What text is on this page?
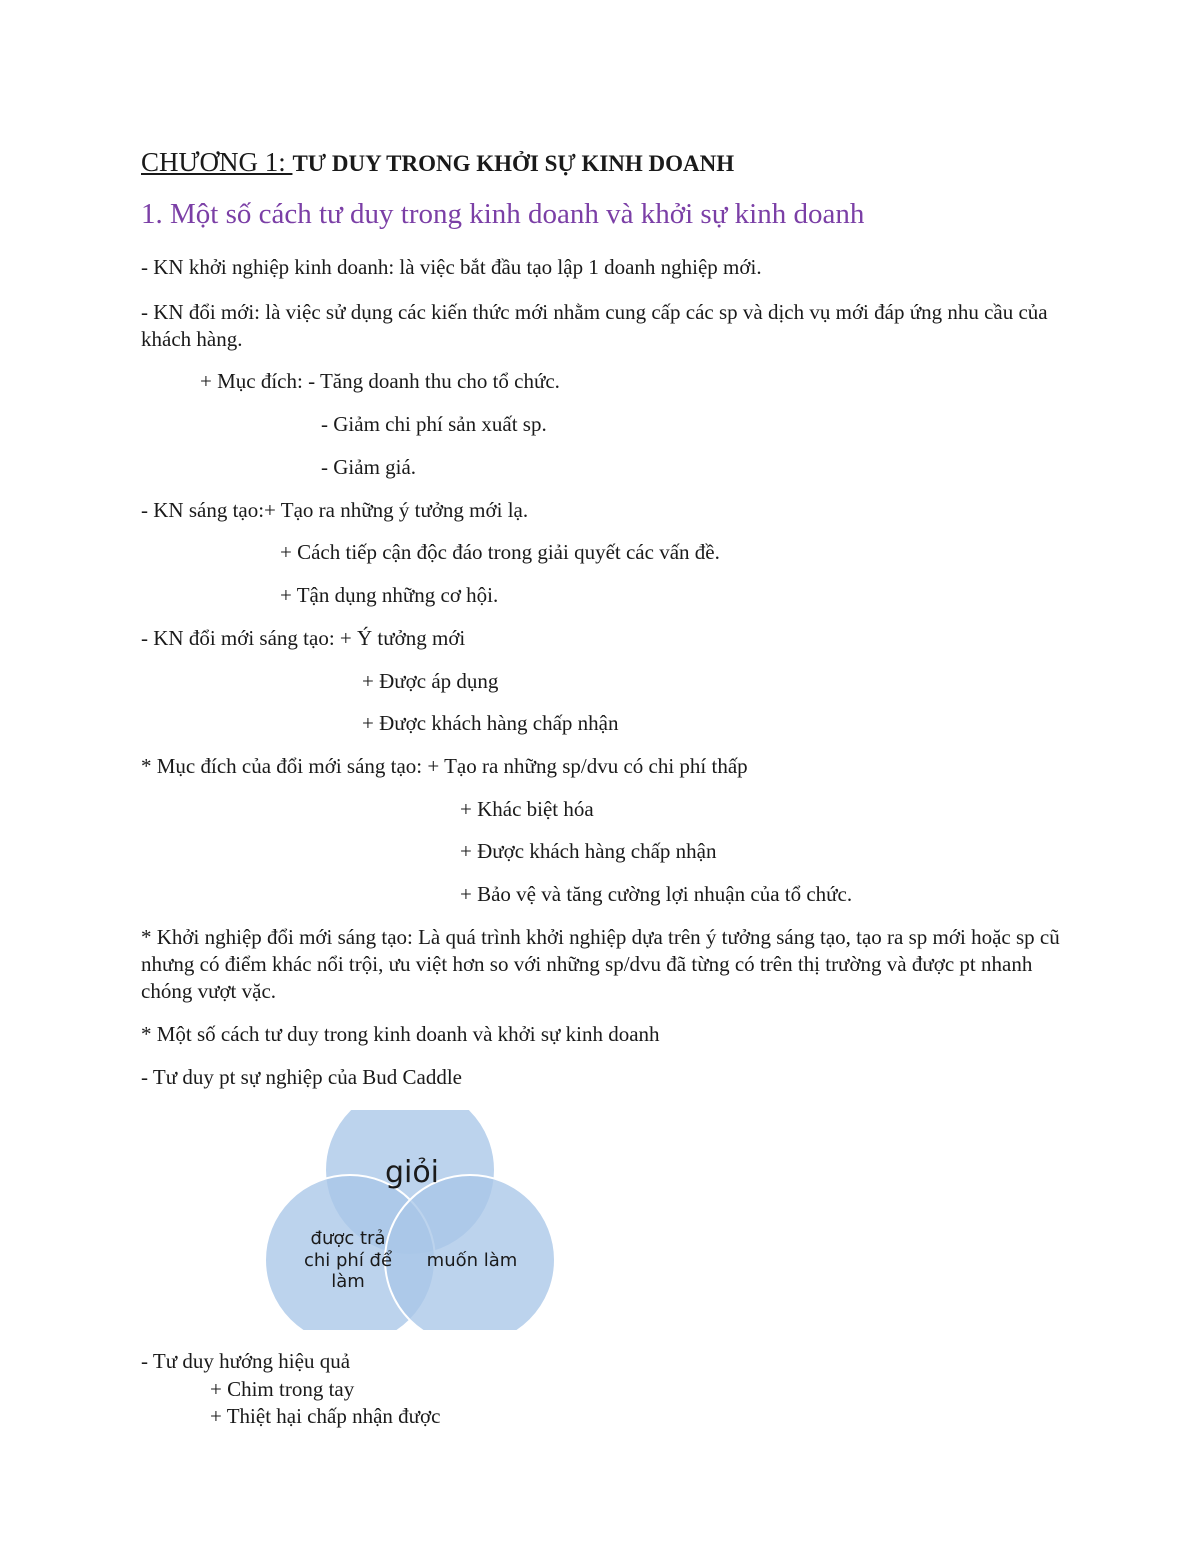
CHƯƠNG 1: TƯ DUY TRONG KHỞI SỰ KINH DOANH
1. Một số cách tư duy trong kinh doanh và khởi sự kinh doanh
- KN khởi nghiệp kinh doanh: là việc bắt đầu tạo lập 1 doanh nghiệp mới.
- KN đổi mới: là việc sử dụng các kiến thức mới nhằm cung cấp các sp và dịch vụ mới đáp ứng nhu cầu của khách hàng.
+ Mục đích: - Tăng doanh thu cho tổ chức.
- Giảm chi phí sản xuất sp.
- Giảm giá.
- KN sáng tạo:+ Tạo ra những ý tưởng mới lạ.
+ Cách tiếp cận độc đáo trong giải quyết các vấn đề.
+ Tận dụng những cơ hội.
- KN đổi mới sáng tạo: + Ý tưởng mới
+ Được áp dụng
+ Được khách hàng chấp nhận
* Mục đích của đổi mới sáng tạo: + Tạo ra những sp/dvu có chi phí thấp
+ Khác biệt hóa
+ Được khách hàng chấp nhận
+ Bảo vệ và tăng cường lợi nhuận của tổ chức.
* Khởi nghiệp đổi mới sáng tạo: Là quá trình khởi nghiệp dựa trên ý tưởng sáng tạo, tạo ra sp mới hoặc sp cũ nhưng có điểm khác nổi trội, ưu việt hơn so với những sp/dvu đã từng có trên thị trường và được pt nhanh chóng vượt vặc.
* Một số cách tư duy trong kinh doanh và khởi sự kinh doanh
- Tư duy pt sự nghiệp của Bud Caddle
giỏi
được trả
chi phí để
làm
muốn làm
- Tư duy hướng hiệu quả
+ Chim trong tay
+ Thiệt hại chấp nhận được
